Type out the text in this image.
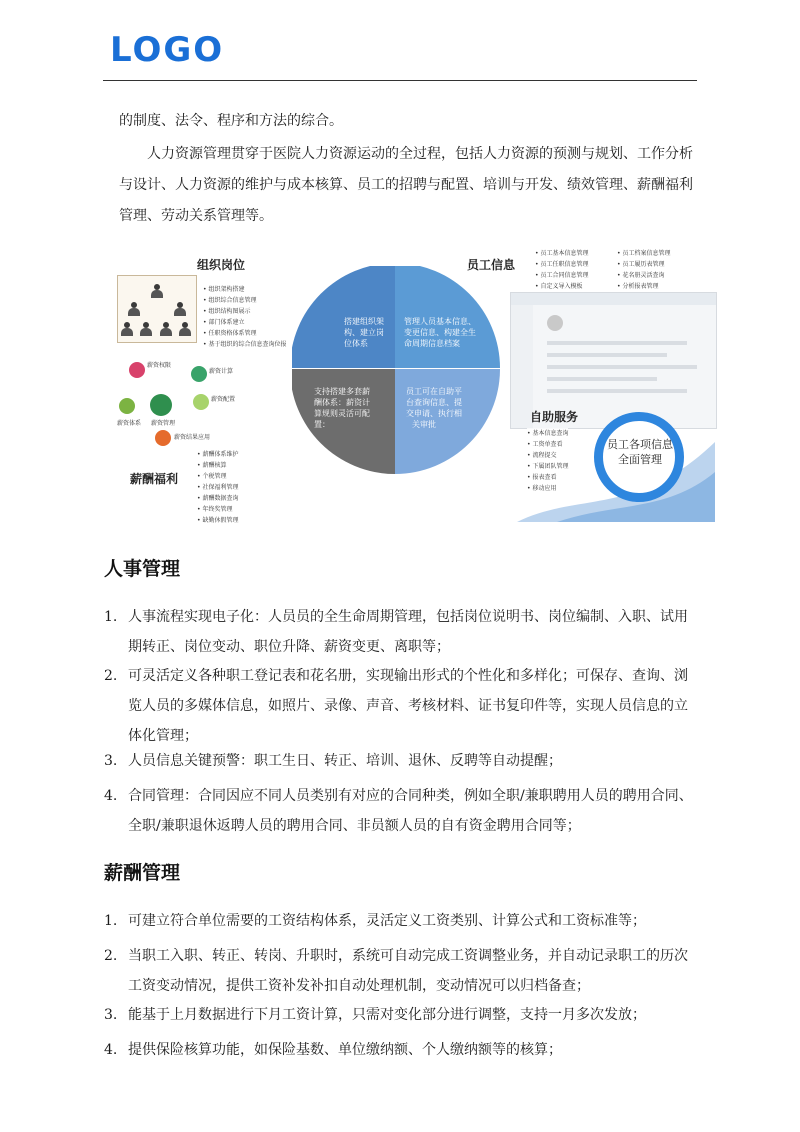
LOGO

的制度、法令、程序和方法的综合。

人力资源管理贯穿于医院人力资源运动的全过程，包括人力资源的预测与规划、工作分析与设计、人力资源的维护与成本核算、员工的招聘与配置、培训与开发、绩效管理、薪酬福利管理、劳动关系管理等。

组织岗位
• 组织架构搭建
• 组织综合信息管理
• 组织结构图展示
• 部门体系建立
• 任职资格体系管理
• 基于组织的综合信息查询位报
薪资管理
薪资权限
薪资计算
薪资体系
薪资配置
薪资结果应用
• 薪酬体系维护
• 薪酬核算
• 个税管理
• 社保福利管理
• 薪酬数据查询
• 年终奖管理
• 缺勤休假管理
薪酬福利
搭建组织架
构、建立岗
位体系
管理人员基本信息、
变更信息、构建全生
命周期信息档案
支持搭建多套薪
酬体系：薪资计
算规则灵活可配
置：
员工可在自助平
台查询信息、提
交申请、执行相
关审批
员工信息
• 员工基本信息管理
• 员工任职信息管理
• 员工合同信息管理
• 自定义导入模板
• 员工档案信息管理
• 员工履历表管理
• 花名册灵活查询
• 分析报表管理
自助服务
• 基本信息查询
• 工资单查看
• 流程提交
• 下属团队管理
• 报表查看
• 移动应用
员工各项信息全面管理
人事管理
1. 人事流程实现电子化：人员员的全生命周期管理，包括岗位说明书、岗位编制、入职、试用期转正、岗位变动、职位升降、薪资变更、离职等；
2. 可灵活定义各种职工登记表和花名册，实现输出形式的个性化和多样化；可保存、查询、浏览人员的多媒体信息，如照片、录像、声音、考核材料、证书复印件等，实现人员信息的立体化管理；
3. 人员信息关键预警：职工生日、转正、培训、退休、反聘等自动提醒；
4. 合同管理：合同因应不同人员类别有对应的合同种类，例如全职/兼职聘用人员的聘用合同、全职/兼职退休返聘人员的聘用合同、非员额人员的自有资金聘用合同等；
薪酬管理
1. 可建立符合单位需要的工资结构体系，灵活定义工资类别、计算公式和工资标准等；
2. 当职工入职、转正、转岗、升职时，系统可自动完成工资调整业务，并自动记录职工的历次工资变动情况，提供工资补发补扣自动处理机制，变动情况可以归档备查；
3. 能基于上月数据进行下月工资计算，只需对变化部分进行调整，支持一月多次发放；
4. 提供保险核算功能，如保险基数、单位缴纳额、个人缴纳额等的核算；
